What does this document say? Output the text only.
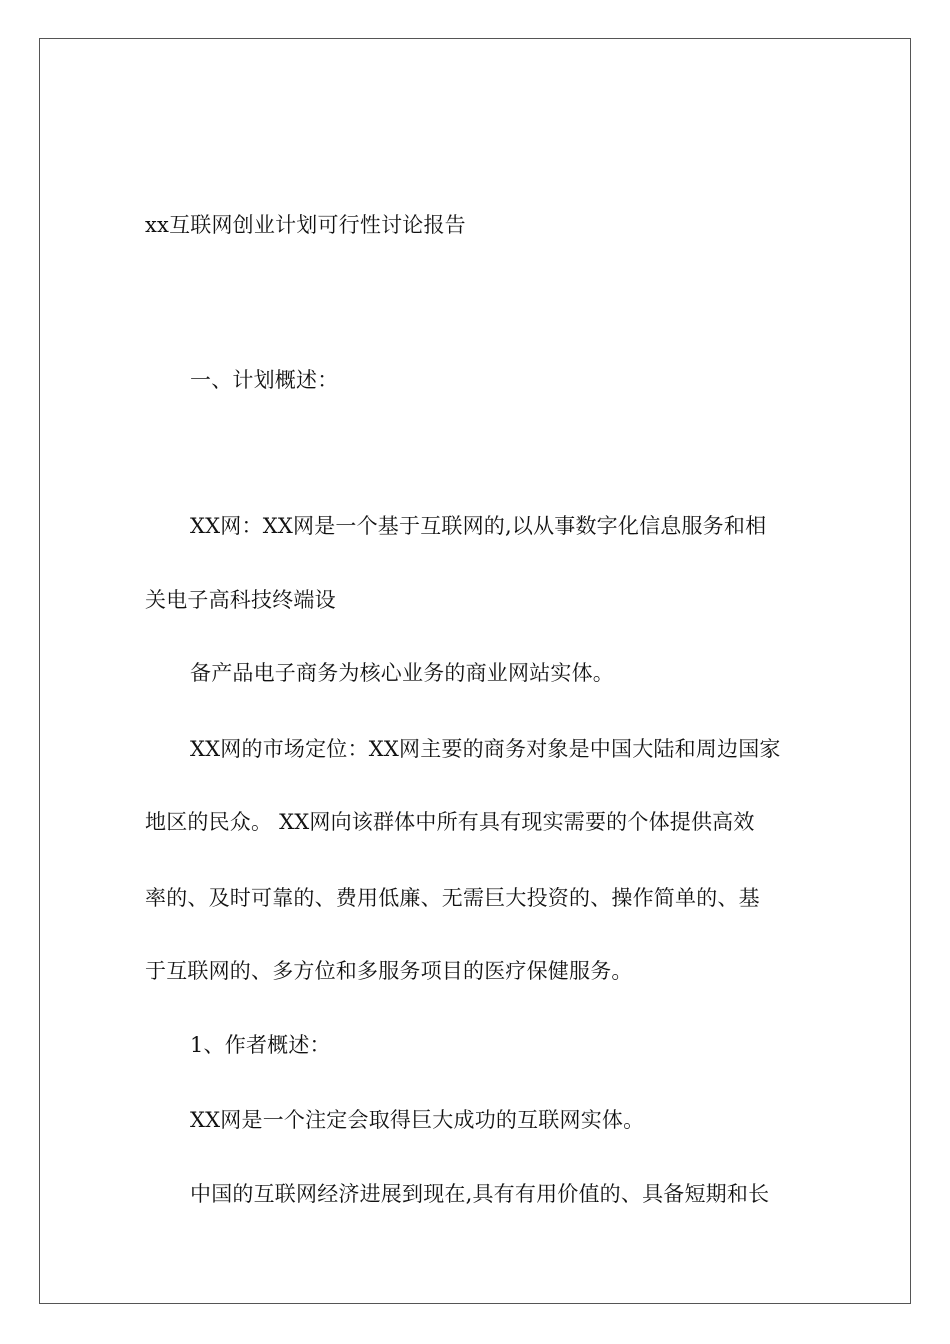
xx互联网创业计划可行性讨论报告
一、计划概述：
XX网：XX网是一个基于互联网的,以从事数字化信息服务和相
关电子高科技终端设
备产品电子商务为核心业务的商业网站实体。
XX网的市场定位：XX网主要的商务对象是中国大陆和周边国家
地区的民众。 XX网向该群体中所有具有现实需要的个体提供高效
率的、及时可靠的、费用低廉、无需巨大投资的、操作简单的、基
于互联网的、多方位和多服务项目的医疗保健服务。
1、作者概述：
XX网是一个注定会取得巨大成功的互联网实体。
中国的互联网经济进展到现在,具有有用价值的、具备短期和长
